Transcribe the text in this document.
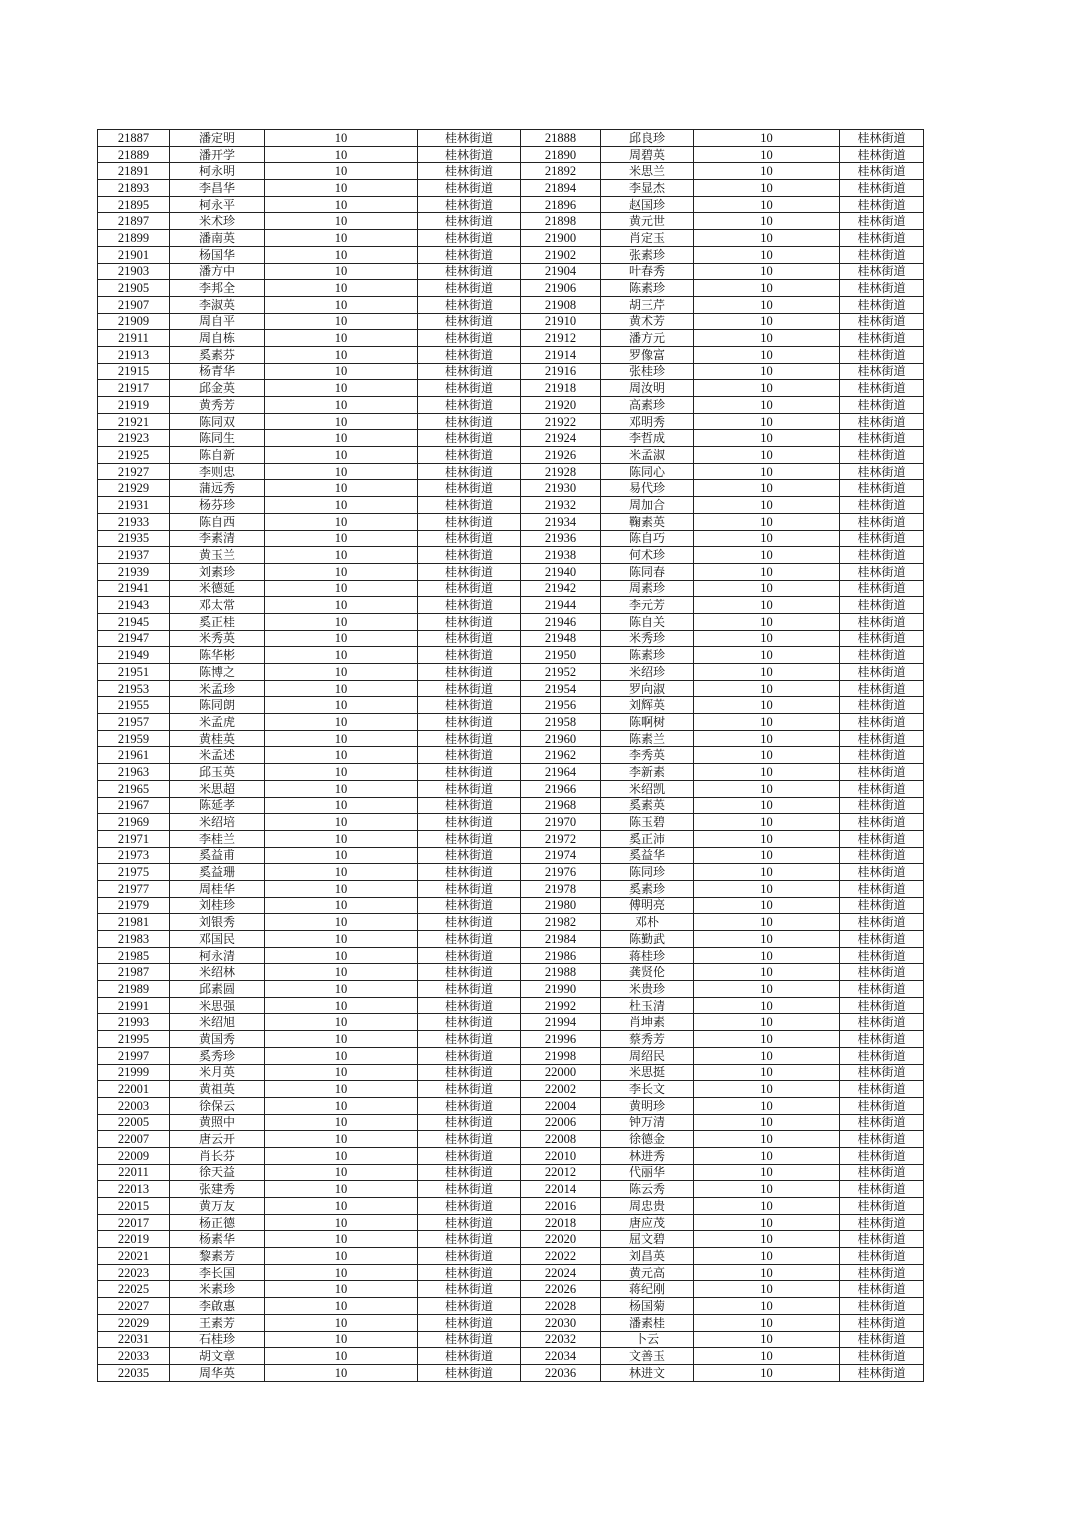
21887	潘定明	10	桂林街道	21888	邱良珍	10	桂林街道
21889	潘开学	10	桂林街道	21890	周碧英	10	桂林街道
21891	柯永明	10	桂林街道	21892	米思兰	10	桂林街道
21893	李昌华	10	桂林街道	21894	李显杰	10	桂林街道
21895	柯永平	10	桂林街道	21896	赵国珍	10	桂林街道
21897	米术珍	10	桂林街道	21898	黄元世	10	桂林街道
21899	潘南英	10	桂林街道	21900	肖定玉	10	桂林街道
21901	杨国华	10	桂林街道	21902	张素珍	10	桂林街道
21903	潘方中	10	桂林街道	21904	叶春秀	10	桂林街道
21905	李邦全	10	桂林街道	21906	陈素珍	10	桂林街道
21907	李淑英	10	桂林街道	21908	胡三芹	10	桂林街道
21909	周自平	10	桂林街道	21910	黄术芳	10	桂林街道
21911	周自栋	10	桂林街道	21912	潘方元	10	桂林街道
21913	奚素芬	10	桂林街道	21914	罗像富	10	桂林街道
21915	杨青华	10	桂林街道	21916	张桂珍	10	桂林街道
21917	邱金英	10	桂林街道	21918	周汝明	10	桂林街道
21919	黄秀芳	10	桂林街道	21920	高素珍	10	桂林街道
21921	陈同双	10	桂林街道	21922	邓明秀	10	桂林街道
21923	陈同生	10	桂林街道	21924	李哲成	10	桂林街道
21925	陈自新	10	桂林街道	21926	米孟淑	10	桂林街道
21927	李则忠	10	桂林街道	21928	陈同心	10	桂林街道
21929	蒲远秀	10	桂林街道	21930	易代珍	10	桂林街道
21931	杨芬珍	10	桂林街道	21932	周加合	10	桂林街道
21933	陈自西	10	桂林街道	21934	鞠素英	10	桂林街道
21935	李素清	10	桂林街道	21936	陈自巧	10	桂林街道
21937	黄玉兰	10	桂林街道	21938	何术珍	10	桂林街道
21939	刘素珍	10	桂林街道	21940	陈同春	10	桂林街道
21941	米德延	10	桂林街道	21942	周素珍	10	桂林街道
21943	邓太常	10	桂林街道	21944	李元芳	10	桂林街道
21945	奚正桂	10	桂林街道	21946	陈自关	10	桂林街道
21947	米秀英	10	桂林街道	21948	米秀珍	10	桂林街道
21949	陈华彬	10	桂林街道	21950	陈素珍	10	桂林街道
21951	陈博之	10	桂林街道	21952	米绍珍	10	桂林街道
21953	米孟珍	10	桂林街道	21954	罗向淑	10	桂林街道
21955	陈同朗	10	桂林街道	21956	刘辉英	10	桂林街道
21957	米孟虎	10	桂林街道	21958	陈啊树	10	桂林街道
21959	黄桂英	10	桂林街道	21960	陈素兰	10	桂林街道
21961	米孟述	10	桂林街道	21962	李秀英	10	桂林街道
21963	邱玉英	10	桂林街道	21964	李新素	10	桂林街道
21965	米思超	10	桂林街道	21966	米绍凯	10	桂林街道
21967	陈延孝	10	桂林街道	21968	奚素英	10	桂林街道
21969	米绍培	10	桂林街道	21970	陈玉碧	10	桂林街道
21971	李桂兰	10	桂林街道	21972	奚正沛	10	桂林街道
21973	奚益甫	10	桂林街道	21974	奚益华	10	桂林街道
21975	奚益珊	10	桂林街道	21976	陈同珍	10	桂林街道
21977	周桂华	10	桂林街道	21978	奚素珍	10	桂林街道
21979	刘桂珍	10	桂林街道	21980	傅明亮	10	桂林街道
21981	刘银秀	10	桂林街道	21982	邓朴	10	桂林街道
21983	邓国民	10	桂林街道	21984	陈勤武	10	桂林街道
21985	柯永清	10	桂林街道	21986	蒋桂珍	10	桂林街道
21987	米绍林	10	桂林街道	21988	龚贤伦	10	桂林街道
21989	邱素圆	10	桂林街道	21990	米贵珍	10	桂林街道
21991	米思强	10	桂林街道	21992	杜玉清	10	桂林街道
21993	米绍旭	10	桂林街道	21994	肖坤素	10	桂林街道
21995	黄国秀	10	桂林街道	21996	蔡秀芳	10	桂林街道
21997	奚秀珍	10	桂林街道	21998	周绍民	10	桂林街道
21999	米月英	10	桂林街道	22000	米思挺	10	桂林街道
22001	黄祖英	10	桂林街道	22002	李长文	10	桂林街道
22003	徐保云	10	桂林街道	22004	黄明珍	10	桂林街道
22005	黄照中	10	桂林街道	22006	钟万清	10	桂林街道
22007	唐云开	10	桂林街道	22008	徐德金	10	桂林街道
22009	肖长芬	10	桂林街道	22010	林进秀	10	桂林街道
22011	徐天益	10	桂林街道	22012	代丽华	10	桂林街道
22013	张建秀	10	桂林街道	22014	陈云秀	10	桂林街道
22015	黄万友	10	桂林街道	22016	周忠贵	10	桂林街道
22017	杨正德	10	桂林街道	22018	唐应茂	10	桂林街道
22019	杨素华	10	桂林街道	22020	屈文碧	10	桂林街道
22021	黎素芳	10	桂林街道	22022	刘昌英	10	桂林街道
22023	李长国	10	桂林街道	22024	黄元高	10	桂林街道
22025	米素珍	10	桂林街道	22026	蒋纪刚	10	桂林街道
22027	李啟惠	10	桂林街道	22028	杨国菊	10	桂林街道
22029	王素芳	10	桂林街道	22030	潘素桂	10	桂林街道
22031	石桂珍	10	桂林街道	22032	卜云	10	桂林街道
22033	胡文章	10	桂林街道	22034	文善玉	10	桂林街道
22035	周华英	10	桂林街道	22036	林进文	10	桂林街道
